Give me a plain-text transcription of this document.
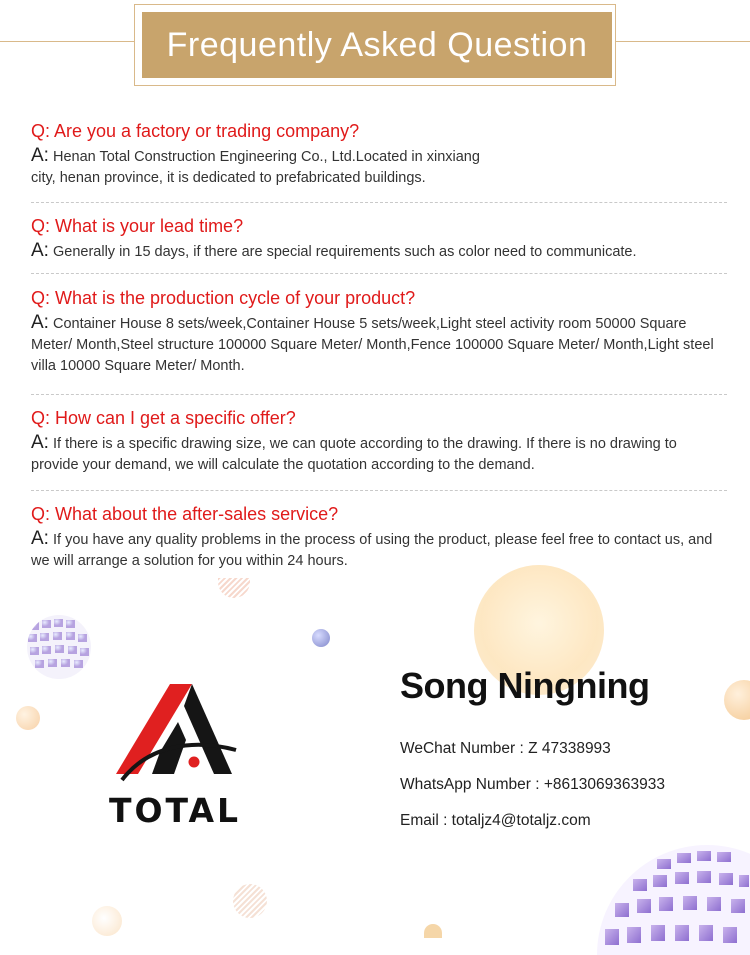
Frequently Asked Question
Q: Are you a factory or trading company?
A: Henan Total Construction Engineering Co., Ltd.Located in xinxiang city, henan province, it is dedicated to prefabricated buildings.
Q: What is your lead time?
A: Generally in 15 days, if there are special requirements such as color need to communicate.
Q: What is the production cycle of your product?
A: Container House 8 sets/week,Container House 5 sets/week,Light steel activity room 50000 Square Meter/ Month,Steel structure 100000 Square Meter/ Month,Fence 100000 Square Meter/ Month,Light steel villa 10000 Square Meter/ Month.
Q: How can I get a specific offer?
A: If there is a specific drawing size, we can quote according to the drawing. If there is no drawing to provide your demand, we will calculate the quotation according to the demand.
Q: What about the after-sales service?
A: If you have any quality problems in the process of using the product, please feel free to contact us, and we will arrange a solution for you within 24 hours.
TOTAL
Song Ningning
WeChat Number : Z 47338993
WhatsApp Number : +8613069363933
Email : totaljz4@totaljz.com
